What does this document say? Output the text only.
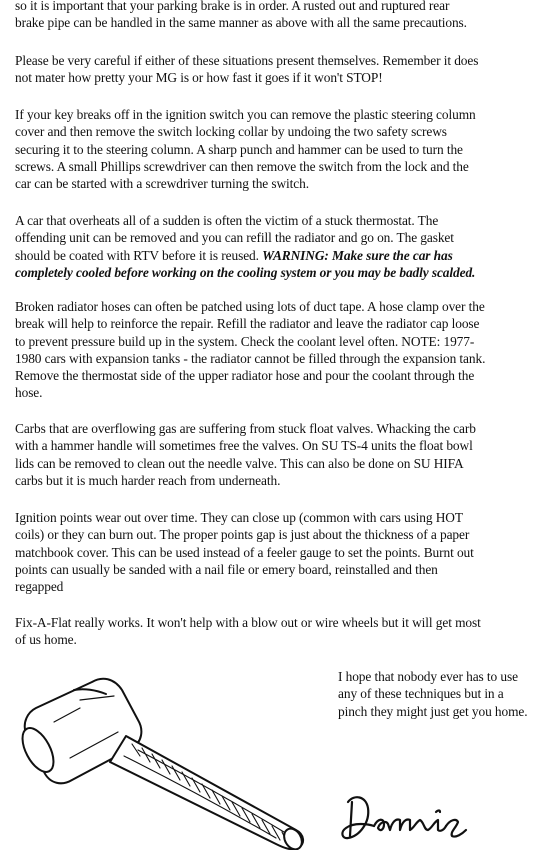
so it is important that your parking brake is in order. A rusted out and ruptured rear
brake pipe can be handled in the same manner as above with all the same precautions.
Please be very careful if either of these situations present themselves. Remember it does
not mater how pretty your MG is or how fast it goes if it won't STOP!
If your key breaks off in the ignition switch you can remove the plastic steering column
cover and then remove the switch locking collar by undoing the two safety screws
securing it to the steering column. A sharp punch and hammer can be used to turn the
screws. A small Phillips screwdriver can then remove the switch from the lock and the
car can be started with a screwdriver turning the switch.
A car that overheats all of a sudden is often the victim of a stuck thermostat. The
offending unit can be removed and you can refill the radiator and go on. The gasket
should be coated with RTV before it is reused. WARNING: Make sure the car has
completely cooled before working on the cooling system or you may be badly scalded.
Broken radiator hoses can often be patched using lots of duct tape. A hose clamp over the
break will help to reinforce the repair. Refill the radiator and leave the radiator cap loose
to prevent pressure build up in the system. Check the coolant level often. NOTE: 1977-
1980 cars with expansion tanks - the radiator cannot be filled through the expansion tank.
Remove the thermostat side of the upper radiator hose and pour the coolant through the
hose.
Carbs that are overflowing gas are suffering from stuck float valves. Whacking the carb
with a hammer handle will sometimes free the valves. On SU TS-4 units the float bowl
lids can be removed to clean out the needle valve. This can also be done on SU HIFA
carbs but it is much harder reach from underneath.
Ignition points wear out over time. They can close up (common with cars using HOT
coils) or they can burn out. The proper points gap is just about the thickness of a paper
matchbook cover. This can be used instead of a feeler gauge to set the points. Burnt out
points can usually be sanded with a nail file or emery board, reinstalled and then
regapped
Fix-A-Flat really works. It won't help with a blow out or wire wheels but it will get most
of us home.
I hope that nobody ever has to use
any of these techniques but in a
pinch they might just get you home.
